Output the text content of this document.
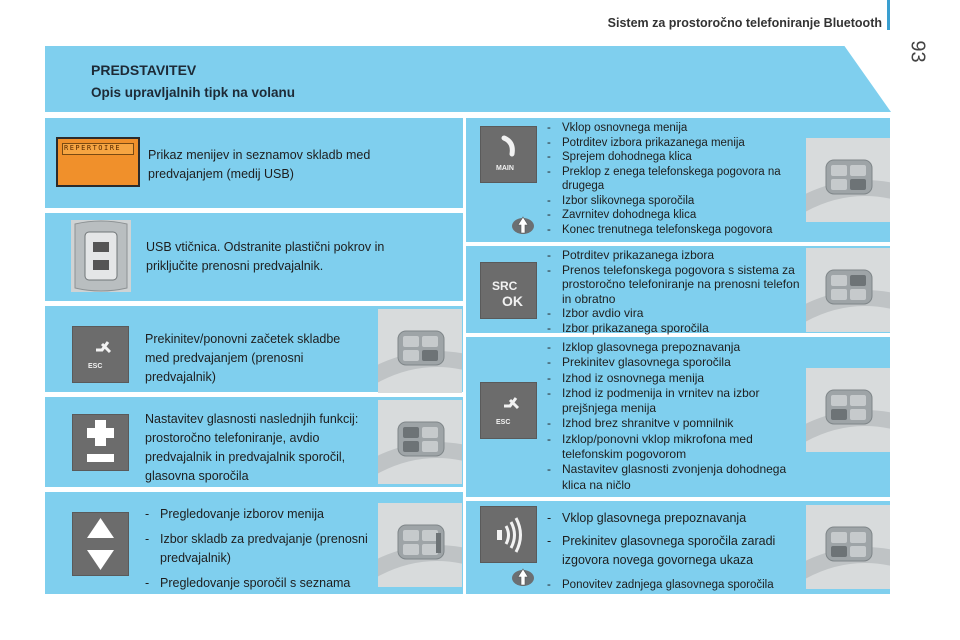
Sistem za prostoročno telefoniranje Bluetooth
93
PREDSTAVITEV
Opis upravljalnih tipk na volanu
REPERTOIRE Prikaz menijev in seznamov skladb med predvajanjem (medij USB)
USB vtičnica. Odstranite plastični pokrov in priključite prenosni predvajalnik.
ESC
Prekinitev/ponovni začetek skladbe med predvajanjem (prenosni predvajalnik)
Nastavitev glasnosti naslednjih funkcij: prostoročno telefoniranje, avdio predvajalnik in predvajalnik sporočil, glasovna sporočila
- Pregledovanje izborov menija
- Izbor skladb za predvajanje (prenosni predvajalnik)
- Pregledovanje sporočil s seznama
MAIN
- Vklop osnovnega menija
- Potrditev izbora prikazanega menija
- Sprejem dohodnega klica
- Preklop z enega telefonskega pogovora na drugega
- Izbor slikovnega sporočila
- Zavrnitev dohodnega klica
- Konec trenutnega telefonskega pogovora
SRC
OK
- Potrditev prikazanega izbora
- Prenos telefonskega pogovora s sistema za prostoročno telefoniranje na prenosni telefon in obratno
- Izbor avdio vira
- Izbor prikazanega sporočila
ESC
- Izklop glasovnega prepoznavanja
- Prekinitev glasovnega sporočila
- Izhod iz osnovnega menija
- Izhod iz podmenija in vrnitev na izbor prejšnjega menija
- Izhod brez shranitve v pomnilnik
- Izklop/ponovni vklop mikrofona med telefonskim pogovorom
- Nastavitev glasnosti zvonjenja dohodnega klica na ničlo
- Vklop glasovnega prepoznavanja
- Prekinitev glasovnega sporočila zaradi izgovora novega govornega ukaza
- Ponovitev zadnjega glasovnega sporočila
